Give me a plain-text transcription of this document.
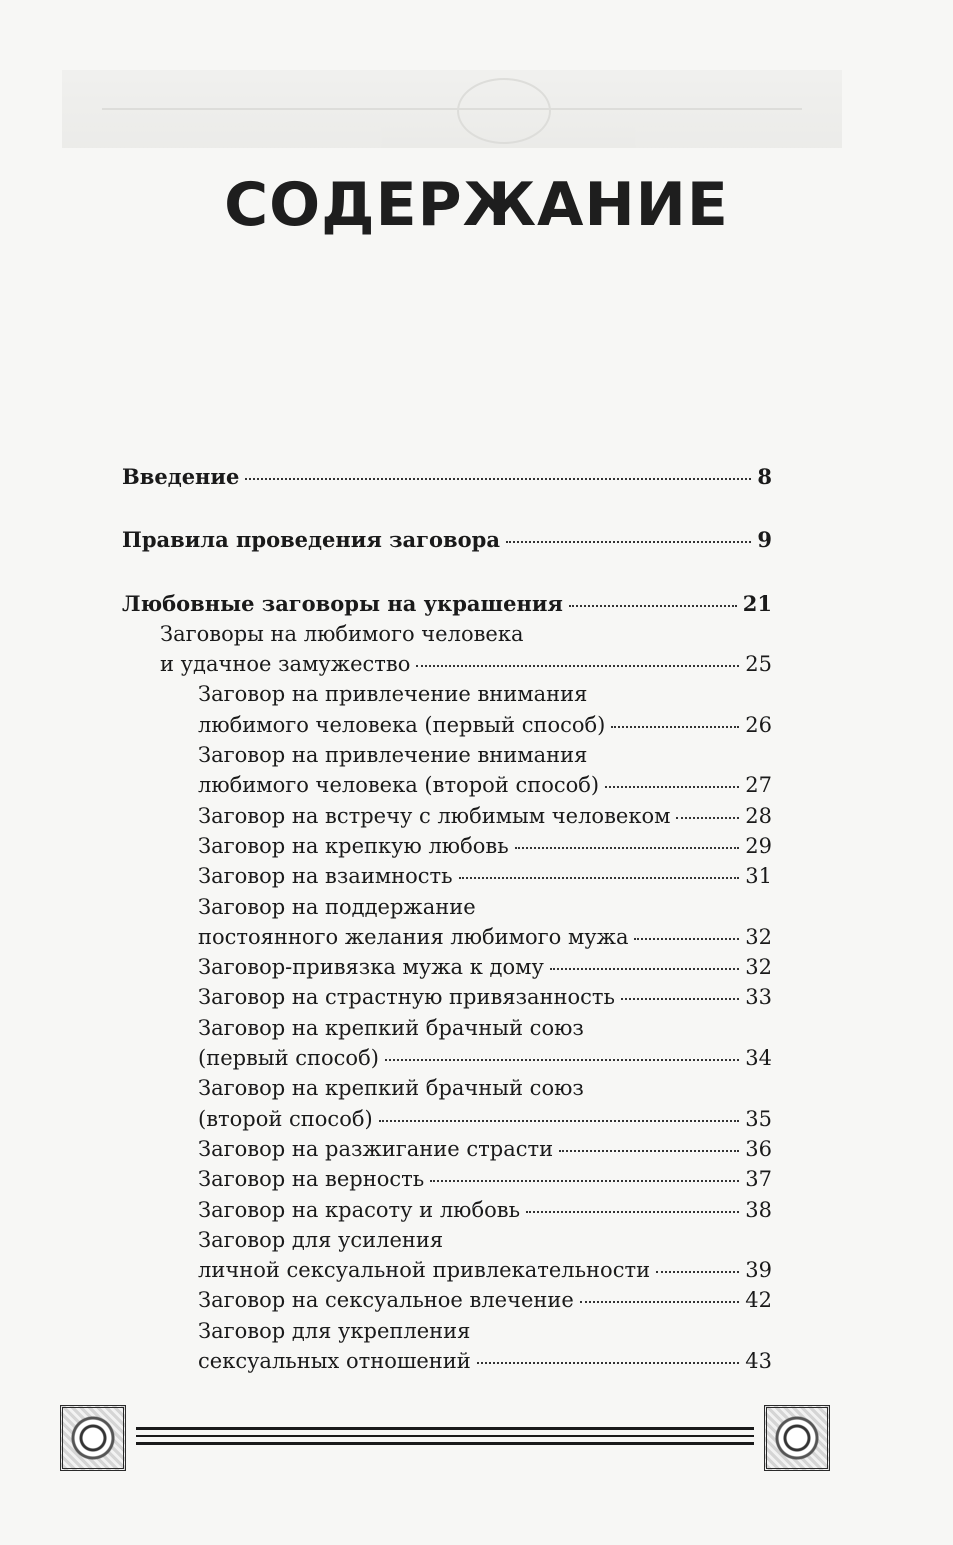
СОДЕРЖАНИЕ
Введение	8
Правила проведения заговора	9
Любовные заговоры на украшения	21
Заговоры на любимого человека
и удачное замужество	25
Заговор на привлечение внимания
любимого человека (первый способ)	26
Заговор на привлечение внимания
любимого человека (второй способ)	27
Заговор на встречу с любимым человеком	28
Заговор на крепкую любовь	29
Заговор на взаимность	31
Заговор на поддержание
постоянного желания любимого мужа	32
Заговор-привязка мужа к дому	32
Заговор на страстную привязанность	33
Заговор на крепкий брачный союз
(первый способ)	34
Заговор на крепкий брачный союз
(второй способ)	35
Заговор на разжигание страсти	36
Заговор на верность	37
Заговор на красоту и любовь	38
Заговор для усиления
личной сексуальной привлекательности	39
Заговор на сексуальное влечение	42
Заговор для укрепления
сексуальных отношений	43
